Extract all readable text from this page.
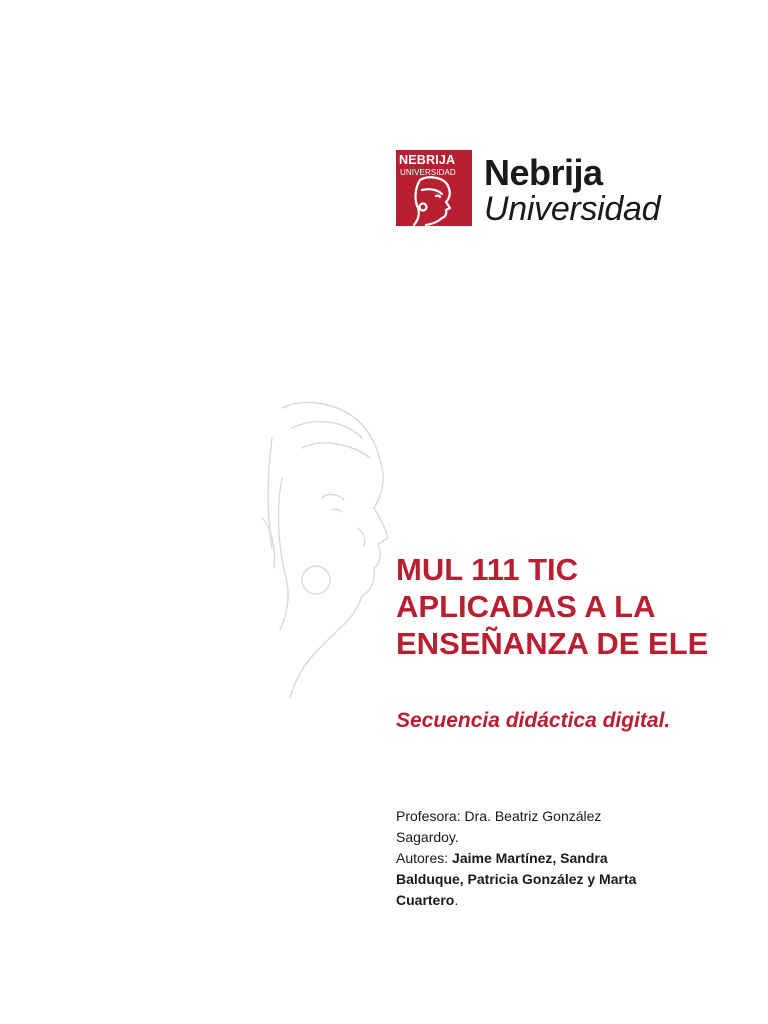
NEBRIJA
UNIVERSIDAD Nebrija
Universidad
MUL 111 TIC APLICADAS A LA ENSEÑANZA DE ELE

Secuencia didáctica digital.

Profesora: Dra. Beatriz González Sagardoy.

Autores: Jaime Martínez, Sandra Balduque, Patricia González y Marta Cuartero.
